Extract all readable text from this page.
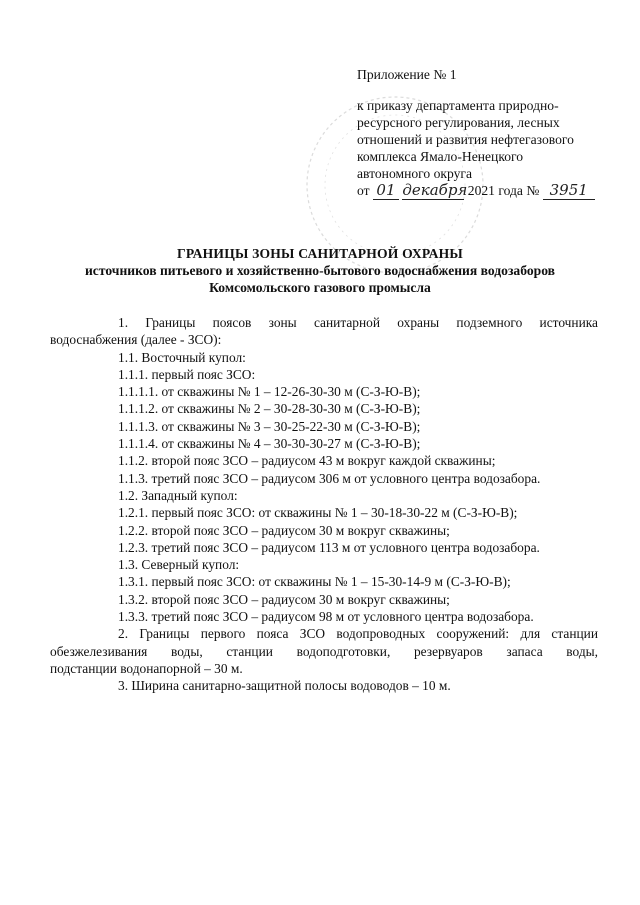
Приложение № 1
к приказу департамента природно-
ресурсного регулирования, лесных
отношений и развития нефтегазового
комплекса Ямало-Ненецкого
автономного округа
от 01 декабря 2021 года № 3951
ГРАНИЦЫ ЗОНЫ САНИТАРНОЙ ОХРАНЫ
источников питьевого и хозяйственно-бытового водоснабжения водозаборов
Комсомольского газового промысла

1. Границы поясов зоны санитарной охраны подземного источника

водоснабжения (далее - ЗСО):

1.1. Восточный купол:

1.1.1. первый пояс ЗСО:

1.1.1.1. от скважины № 1 – 12-26-30-30 м (С-З-Ю-В);

1.1.1.2. от скважины № 2 – 30-28-30-30 м (С-З-Ю-В);

1.1.1.3. от скважины № 3 – 30-25-22-30 м (С-З-Ю-В);

1.1.1.4. от скважины № 4 – 30-30-30-27 м (С-З-Ю-В);

1.1.2. второй пояс ЗСО – радиусом 43 м вокруг каждой скважины;

1.1.3. третий пояс ЗСО – радиусом 306 м от условного центра водозабора.

1.2. Западный купол:

1.2.1. первый пояс ЗСО: от скважины № 1 – 30-18-30-22 м (С-З-Ю-В);

1.2.2. второй пояс ЗСО – радиусом 30 м вокруг скважины;

1.2.3. третий пояс ЗСО – радиусом 113 м от условного центра водозабора.

1.3. Северный купол:

1.3.1. первый пояс ЗСО: от скважины № 1 – 15-30-14-9 м (С-З-Ю-В);

1.3.2. второй пояс ЗСО – радиусом 30 м вокруг скважины;

1.3.3. третий пояс ЗСО – радиусом 98 м от условного центра водозабора.

2. Границы первого пояса ЗСО водопроводных сооружений: для станции

обезжелезивания воды, станции водоподготовки, резервуаров запаса воды,

подстанции водонапорной – 30 м.

3. Ширина санитарно-защитной полосы водоводов – 10 м.
